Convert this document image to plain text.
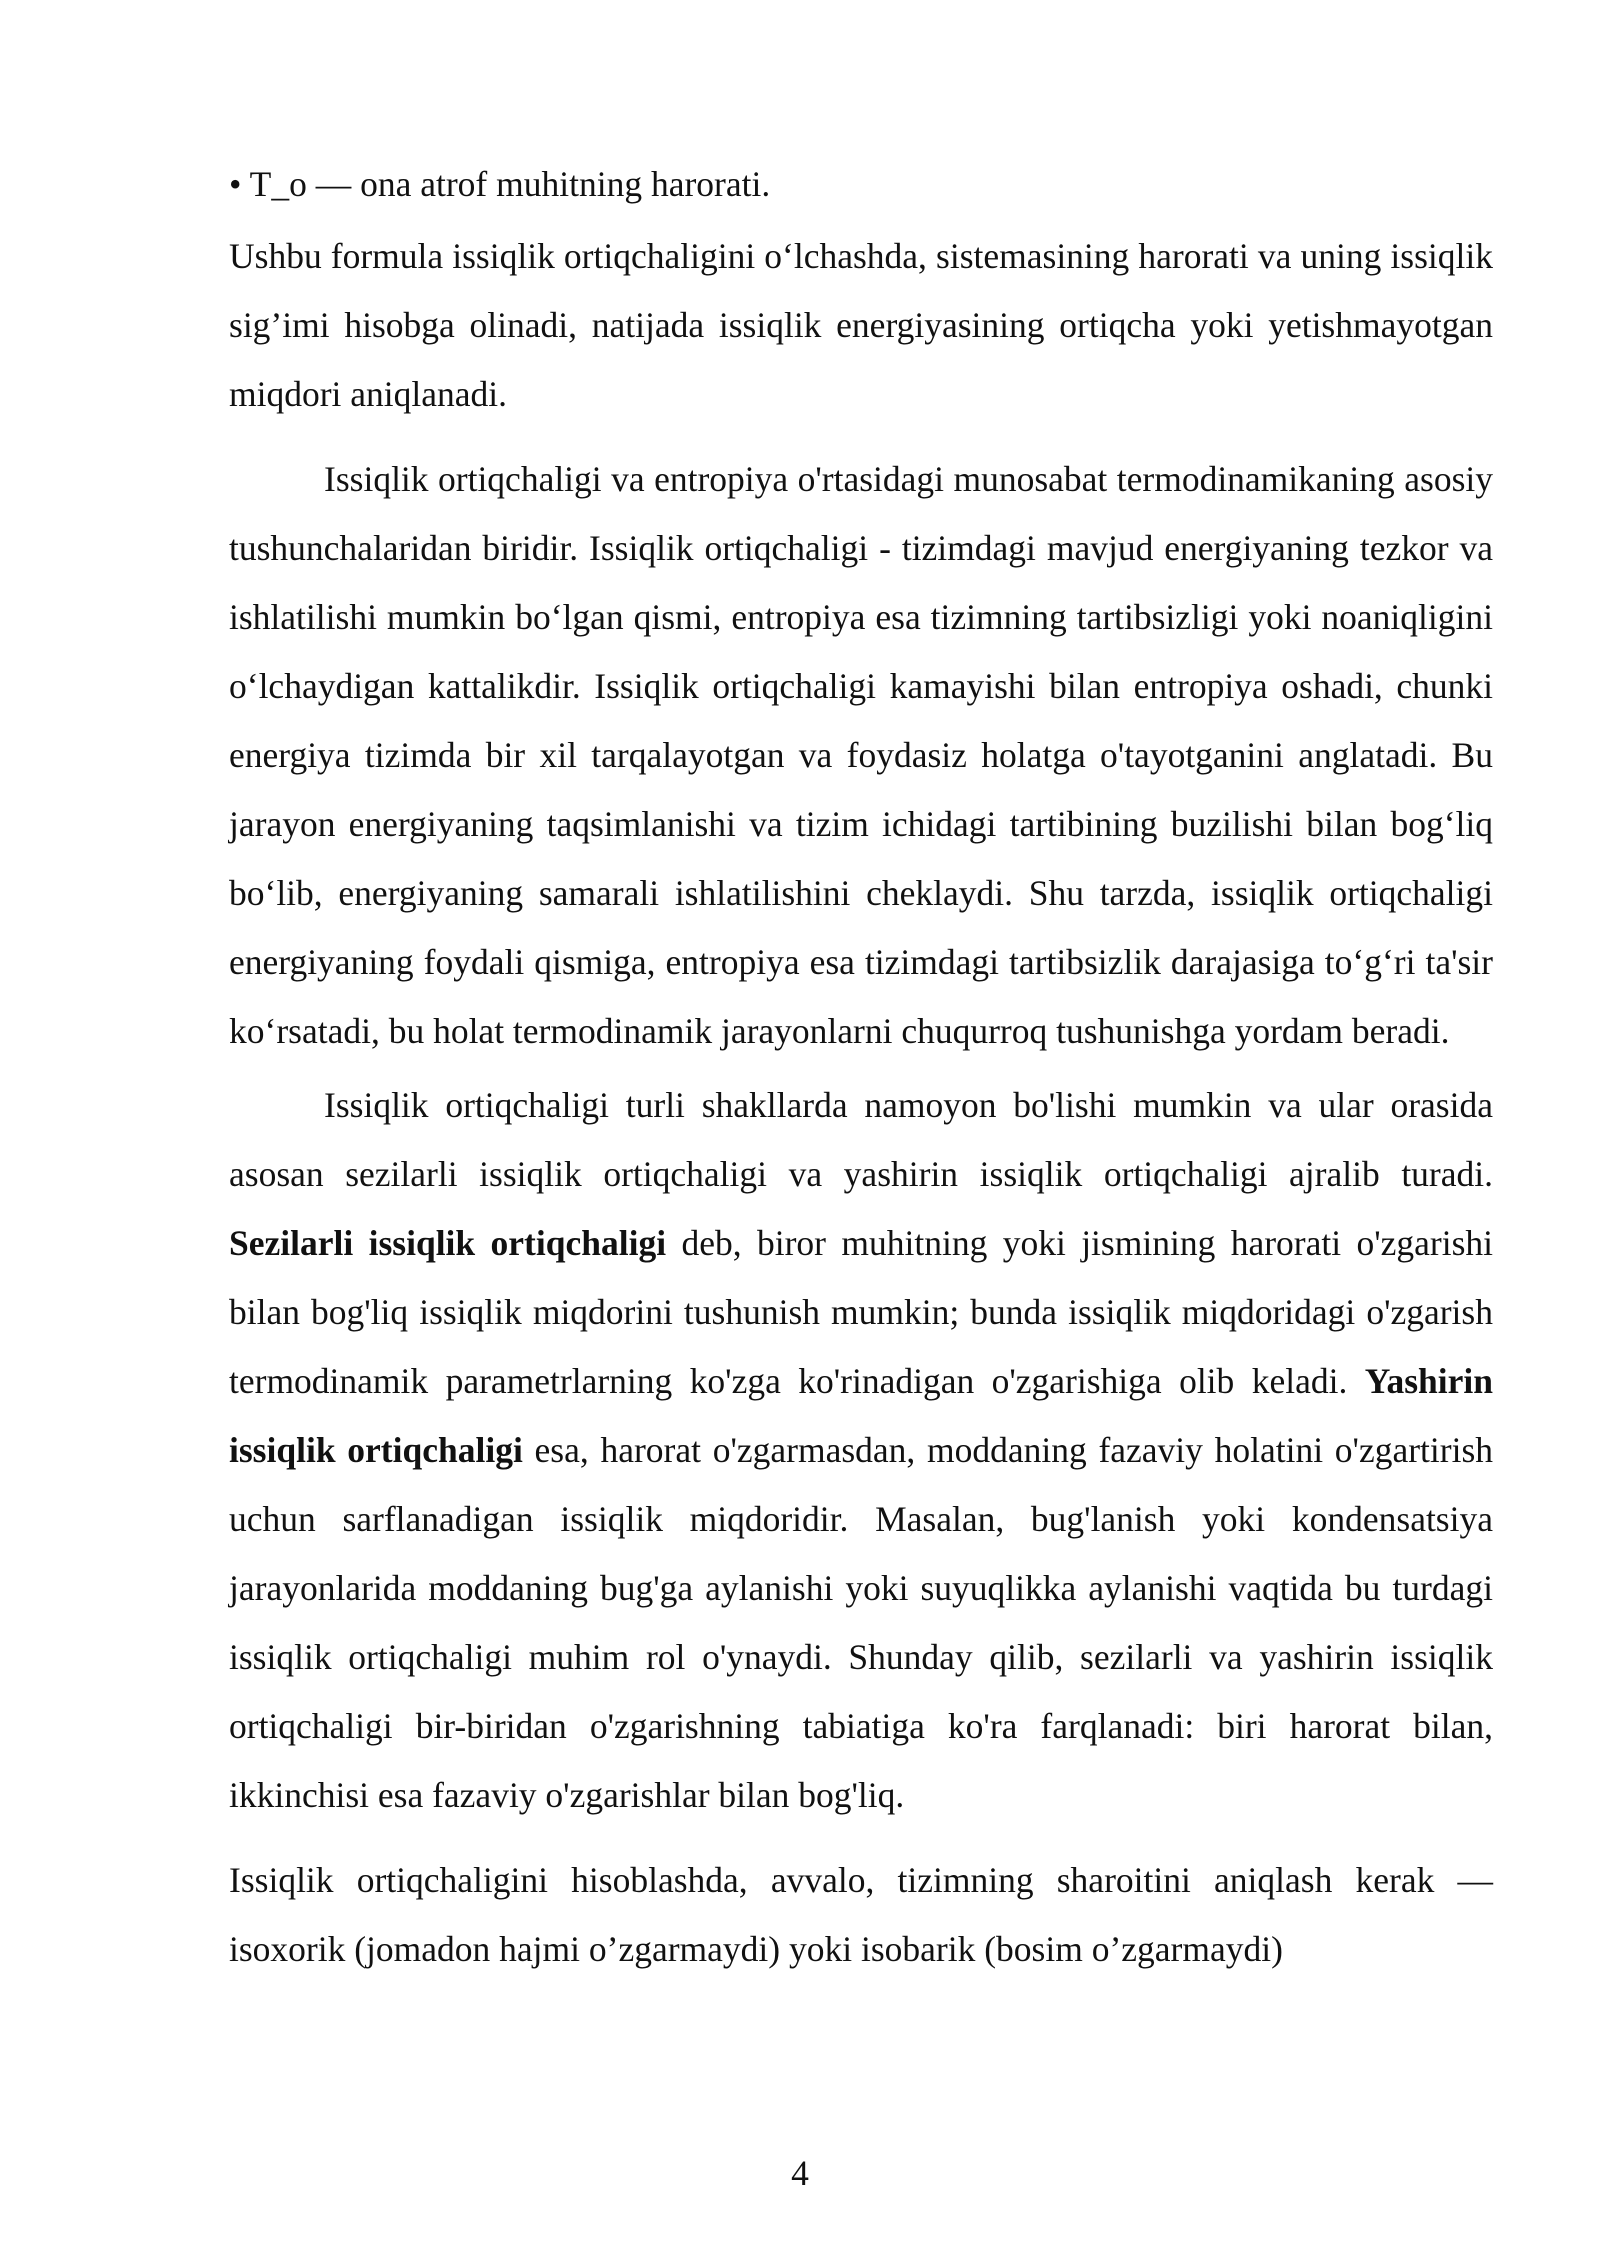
• T_o — ona atrof muhitning harorati.

Ushbu formula issiqlik ortiqchaligini o‘lchashda, sistemasining harorati va uning issiqlik sig’imi hisobga olinadi, natijada issiqlik energiyasining ortiqcha yoki yetishmayotgan miqdori aniqlanadi.

Issiqlik ortiqchaligi va entropiya o'rtasidagi munosabat termodinamikaning asosiy tushunchalaridan biridir. Issiqlik ortiqchaligi - tizimdagi mavjud energiyaning tezkor va ishlatilishi mumkin bo‘lgan qismi, entropiya esa tizimning tartibsizligi yoki noaniqligini o‘lchaydigan kattalikdir. Issiqlik ortiqchaligi kamayishi bilan entropiya oshadi, chunki energiya tizimda bir xil tarqalayotgan va foydasiz holatga o'tayotganini anglatadi. Bu jarayon energiyaning taqsimlanishi va tizim ichidagi tartibining buzilishi bilan bog‘liq bo‘lib, energiyaning samarali ishlatilishini cheklaydi. Shu tarzda, issiqlik ortiqchaligi energiyaning foydali qismiga, entropiya esa tizimdagi tartibsizlik darajasiga to‘g‘ri ta'sir ko‘rsatadi, bu holat termodinamik jarayonlarni chuqurroq tushunishga yordam beradi.

Issiqlik ortiqchaligi turli shakllarda namoyon bo'lishi mumkin va ular orasida asosan sezilarli issiqlik ortiqchaligi va yashirin issiqlik ortiqchaligi ajralib turadi. Sezilarli issiqlik ortiqchaligi deb, biror muhitning yoki jismining harorati o'zgarishi bilan bog'liq issiqlik miqdorini tushunish mumkin; bunda issiqlik miqdoridagi o'zgarish termodinamik parametrlarning ko'zga ko'rinadigan o'zgarishiga olib keladi. Yashirin issiqlik ortiqchaligi esa, harorat o'zgarmasdan, moddaning fazaviy holatini o'zgartirish uchun sarflanadigan issiqlik miqdoridir. Masalan, bug'lanish yoki kondensatsiya jarayonlarida moddaning bug'ga aylanishi yoki suyuqlikka aylanishi vaqtida bu turdagi issiqlik ortiqchaligi muhim rol o'ynaydi. Shunday qilib, sezilarli va yashirin issiqlik ortiqchaligi bir-biridan o'zgarishning tabiatiga ko'ra farqlanadi: biri harorat bilan, ikkinchisi esa fazaviy o'zgarishlar bilan bog'liq.

Issiqlik ortiqchaligini hisoblashda, avvalo, tizimning sharoitini aniqlash kerak — isoxorik (jomadon hajmi o’zgarmaydi) yoki isobarik (bosim o’zgarmaydi)

4
